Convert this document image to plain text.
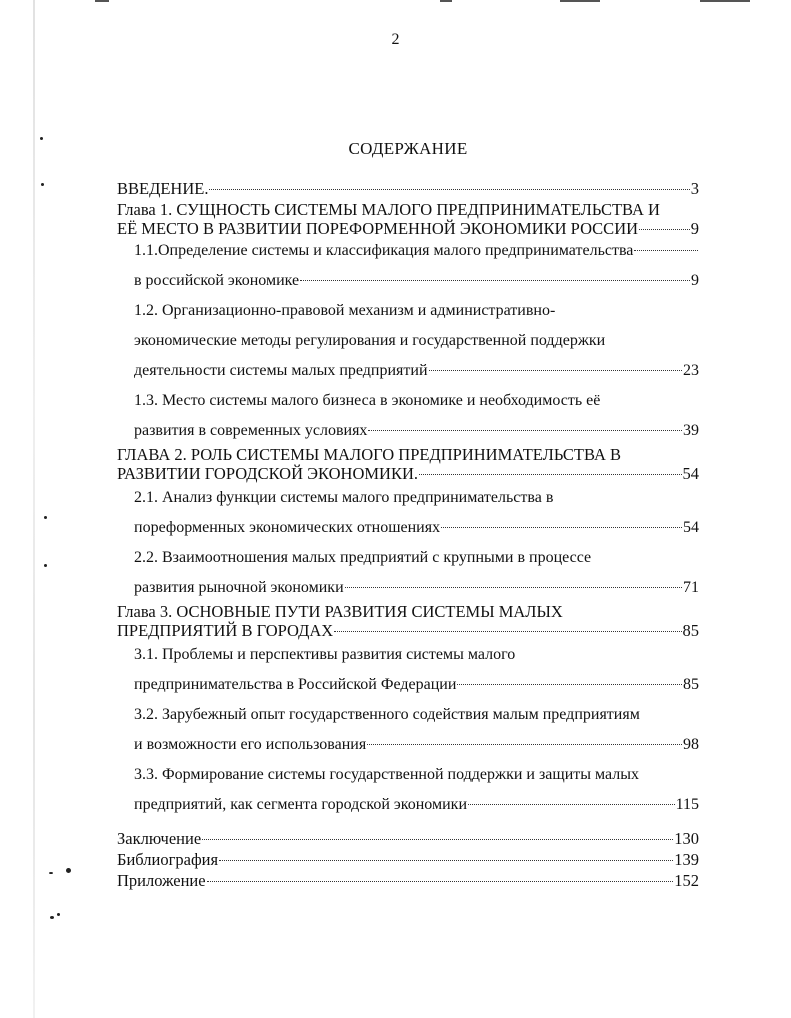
2
СОДЕРЖАНИЕ
ВВЕДЕНИЕ.	3
Глава 1. СУЩНОСТЬ СИСТЕМЫ МАЛОГО ПРЕДПРИНИМАТЕЛЬСТВА И
ЕЁ МЕСТО В РАЗВИТИИ ПОРЕФОРМЕННОЙ ЭКОНОМИКИ РОССИИ	9
1.1.Определение системы и классификация малого предпринимательства
в российской экономике	9
1.2. Организационно-правовой механизм и административно-
экономические методы регулирования и государственной поддержки
деятельности системы малых предприятий	23
1.3. Место системы малого бизнеса в экономике и необходимость её
развития в современных условиях	39
ГЛАВА 2. РОЛЬ СИСТЕМЫ МАЛОГО ПРЕДПРИНИМАТЕЛЬСТВА В
РАЗВИТИИ ГОРОДСКОЙ ЭКОНОМИКИ.	54
2.1. Анализ функции системы малого предпринимательства в
пореформенных экономических отношениях	54
2.2. Взаимоотношения малых предприятий с крупными в процессе
развития рыночной экономики	71
Глава 3. ОСНОВНЫЕ ПУТИ РАЗВИТИЯ СИСТЕМЫ МАЛЫХ
ПРЕДПРИЯТИЙ В ГОРОДАХ	85
3.1. Проблемы и перспективы развития системы малого
предпринимательства в Российской Федерации	85
3.2. Зарубежный опыт государственного содействия малым предприятиям
и возможности его использования	98
3.3. Формирование системы государственной поддержки и защиты малых
предприятий, как сегмента городской экономики	115
Заключение	130
Библиография	139
Приложение	152
